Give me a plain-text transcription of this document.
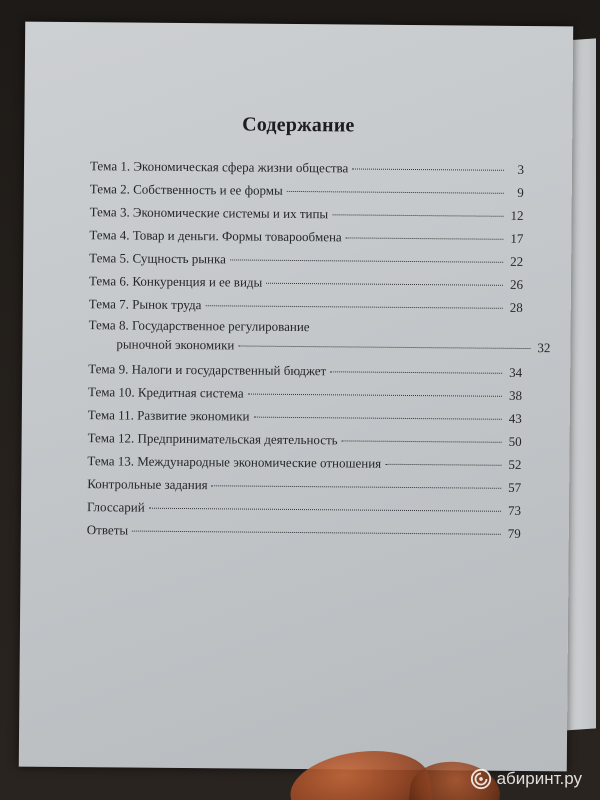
Содержание
Тема 1. Экономическая сфера жизни общества	3
Тема 2. Собственность и ее формы	9
Тема 3. Экономические системы и их типы	12
Тема 4. Товар и деньги. Формы товарообмена	17
Тема 5. Сущность рынка	22
Тема 6. Конкуренция и ее виды	26
Тема 7. Рынок труда	28
Тема 8. Государственное регулирование
рыночной экономики	32
Тема 9. Налоги и государственный бюджет	34
Тема 10. Кредитная система	38
Тема 11. Развитие экономики	43
Тема 12. Предпринимательская деятельность	50
Тема 13. Международные экономические отношения	52
Контрольные задания	57
Глоссарий	73
Ответы	79
абиринт.ру
